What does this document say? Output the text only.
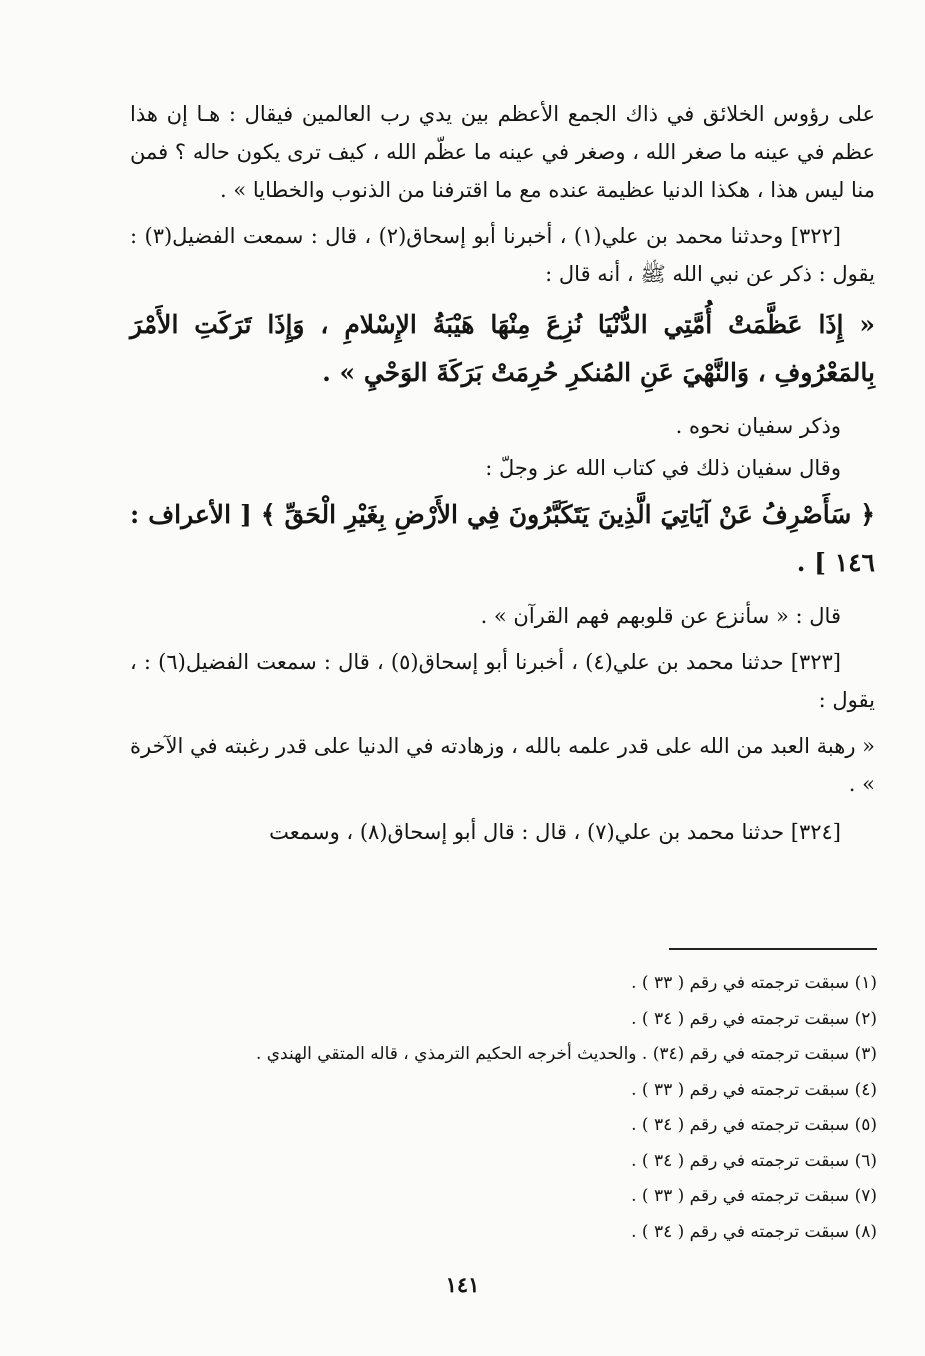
على رؤوس الخلائق في ذاك الجمع الأعظم بين يدي رب العالمين فيقال : هـا إن هذا عظم في عينه ما صغر الله ، وصغر في عينه ما عظّم الله ، كيف ترى يكون حاله ؟ فمن منا ليس هذا ، هكذا الدنيا عظيمة عنده مع ما اقترفنا من الذنوب والخطايا » .
[٣٢٢] وحدثنا محمد بن علي(١) ، أخبرنا أبو إسحاق(٢) ، قال : سمعت الفضيل(٣) : يقول : ذكر عن نبي الله ﷺ ، أنه قال :
« إِذَا عَظَّمَتْ أُمَّتِي الدُّنْيَا نُزِعَ مِنْهَا هَيْبَةُ الإِسْلامِ ، وَإِذَا تَرَكَتِ الأَمْرَ بِالمَعْرُوفِ ، وَالنَّهْيَ عَنِ المُنكرِ حُرِمَتْ بَرَكَةَ الوَحْيِ » .
وذكر سفيان نحوه .
وقال سفيان ذلك في كتاب الله عز وجلّ :
﴿ سَأَصْرِفُ عَنْ آيَاتِيَ الَّذِينَ يَتَكَبَّرُونَ فِي الأَرْضِ بِغَيْرِ الْحَقِّ ﴾ [ الأعراف : ١٤٦ ] .
قال : « سأنزع عن قلوبهم فهم القرآن » .
[٣٢٣] حدثنا محمد بن علي(٤) ، أخبرنا أبو إسحاق(٥) ، قال : سمعت الفضيل(٦) : ، يقول :
« رهبة العبد من الله على قدر علمه بالله ، وزهادته في الدنيا على قدر رغبته في الآخرة » .
[٣٢٤] حدثنا محمد بن علي(٧) ، قال : قال أبو إسحاق(٨) ، وسمعت
(١) سبقت ترجمته في رقم ( ٣٣ ) .
(٢) سبقت ترجمته في رقم ( ٣٤ ) .
(٣) سبقت ترجمته في رقم (٣٤) . والحديث أخرجه الحكيم الترمذي ، قاله المتقي الهندي .
(٤) سبقت ترجمته في رقم ( ٣٣ ) .
(٥) سبقت ترجمته في رقم ( ٣٤ ) .
(٦) سبقت ترجمته في رقم ( ٣٤ ) .
(٧) سبقت ترجمته في رقم ( ٣٣ ) .
(٨) سبقت ترجمته في رقم ( ٣٤ ) .
١٤١
